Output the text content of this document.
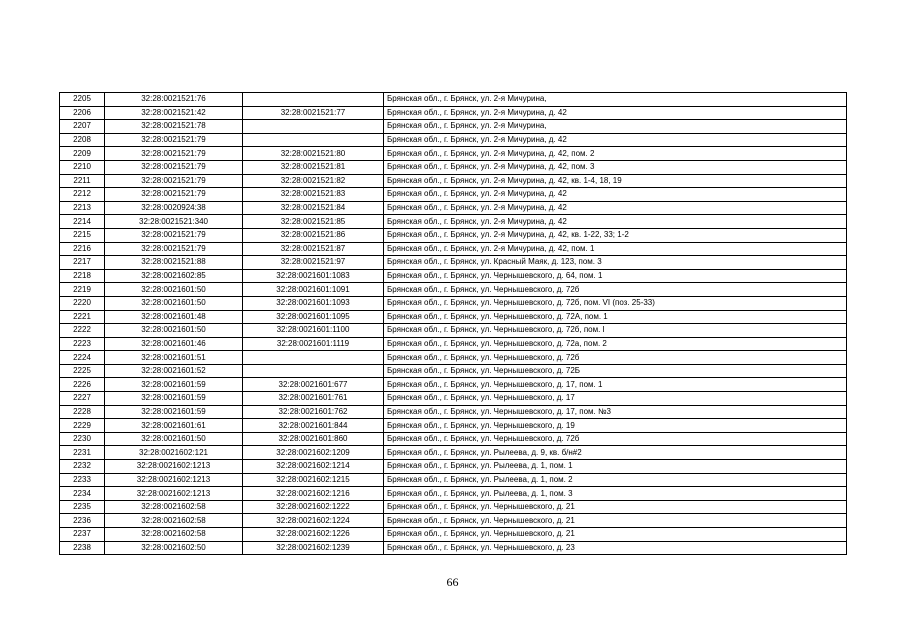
2205	32:28:0021521:76		Брянская обл., г. Брянск, ул. 2-я Мичурина,
2206	32:28:0021521:42	32:28:0021521:77	Брянская обл., г. Брянск, ул. 2-я Мичурина, д. 42
2207	32:28:0021521:78		Брянская обл., г. Брянск, ул. 2-я Мичурина,
2208	32:28:0021521:79		Брянская обл., г. Брянск, ул. 2-я Мичурина, д. 42
2209	32:28:0021521:79	32:28:0021521:80	Брянская обл., г. Брянск, ул. 2-я Мичурина, д. 42, пом. 2
2210	32:28:0021521:79	32:28:0021521:81	Брянская обл., г. Брянск, ул. 2-я Мичурина, д. 42, пом. 3
2211	32:28:0021521:79	32:28:0021521:82	Брянская обл., г. Брянск, ул. 2-я Мичурина, д. 42, кв. 1-4, 18, 19
2212	32:28:0021521:79	32:28:0021521:83	Брянская обл., г. Брянск, ул. 2-я Мичурина, д. 42
2213	32:28:0020924:38	32:28:0021521:84	Брянская обл., г. Брянск, ул. 2-я Мичурина, д. 42
2214	32:28:0021521:340	32:28:0021521:85	Брянская обл., г. Брянск, ул. 2-я Мичурина, д. 42
2215	32:28:0021521:79	32:28:0021521:86	Брянская обл., г. Брянск, ул. 2-я Мичурина, д. 42, кв. 1-22, 33; 1-2
2216	32:28:0021521:79	32:28:0021521:87	Брянская обл., г. Брянск, ул. 2-я Мичурина, д. 42, пом. 1
2217	32:28:0021521:88	32:28:0021521:97	Брянская обл., г. Брянск, ул. Красный Маяк, д. 123, пом. 3
2218	32:28:0021602:85	32:28:0021601:1083	Брянская обл., г. Брянск, ул. Чернышевского, д. 64, пом. 1
2219	32:28:0021601:50	32:28:0021601:1091	Брянская обл., г. Брянск, ул. Чернышевского, д. 72б
2220	32:28:0021601:50	32:28:0021601:1093	Брянская обл., г. Брянск, ул. Чернышевского, д. 72б, пом. VI (поз. 25-33)
2221	32:28:0021601:48	32:28:0021601:1095	Брянская обл., г. Брянск, ул. Чернышевского, д. 72А, пом. 1
2222	32:28:0021601:50	32:28:0021601:1100	Брянская обл., г. Брянск, ул. Чернышевского, д. 72б, пом. I
2223	32:28:0021601:46	32:28:0021601:1119	Брянская обл., г. Брянск, ул. Чернышевского, д. 72а, пом. 2
2224	32:28:0021601:51		Брянская обл., г. Брянск, ул. Чернышевского, д. 72б
2225	32:28:0021601:52		Брянская обл., г. Брянск, ул. Чернышевского, д. 72Б
2226	32:28:0021601:59	32:28:0021601:677	Брянская обл., г. Брянск, ул. Чернышевского, д. 17, пом. 1
2227	32:28:0021601:59	32:28:0021601:761	Брянская обл., г. Брянск, ул. Чернышевского, д. 17
2228	32:28:0021601:59	32:28:0021601:762	Брянская обл., г. Брянск, ул. Чернышевского, д. 17, пом. №3
2229	32:28:0021601:61	32:28:0021601:844	Брянская обл., г. Брянск, ул. Чернышевского, д. 19
2230	32:28:0021601:50	32:28:0021601:860	Брянская обл., г. Брянск, ул. Чернышевского, д. 72б
2231	32:28:0021602:121	32:28:0021602:1209	Брянская обл., г. Брянск, ул. Рылеева, д. 9, кв. б/н#2
2232	32:28:0021602:1213	32:28:0021602:1214	Брянская обл., г. Брянск, ул. Рылеева, д. 1, пом. 1
2233	32:28:0021602:1213	32:28:0021602:1215	Брянская обл., г. Брянск, ул. Рылеева, д. 1, пом. 2
2234	32:28:0021602:1213	32:28:0021602:1216	Брянская обл., г. Брянск, ул. Рылеева, д. 1, пом. 3
2235	32:28:0021602:58	32:28:0021602:1222	Брянская обл., г. Брянск, ул. Чернышевского, д. 21
2236	32:28:0021602:58	32:28:0021602:1224	Брянская обл., г. Брянск, ул. Чернышевского, д. 21
2237	32:28:0021602:58	32:28:0021602:1226	Брянская обл., г. Брянск, ул. Чернышевского, д. 21
2238	32:28:0021602:50	32:28:0021602:1239	Брянская обл., г. Брянск, ул. Чернышевского, д. 23
66
